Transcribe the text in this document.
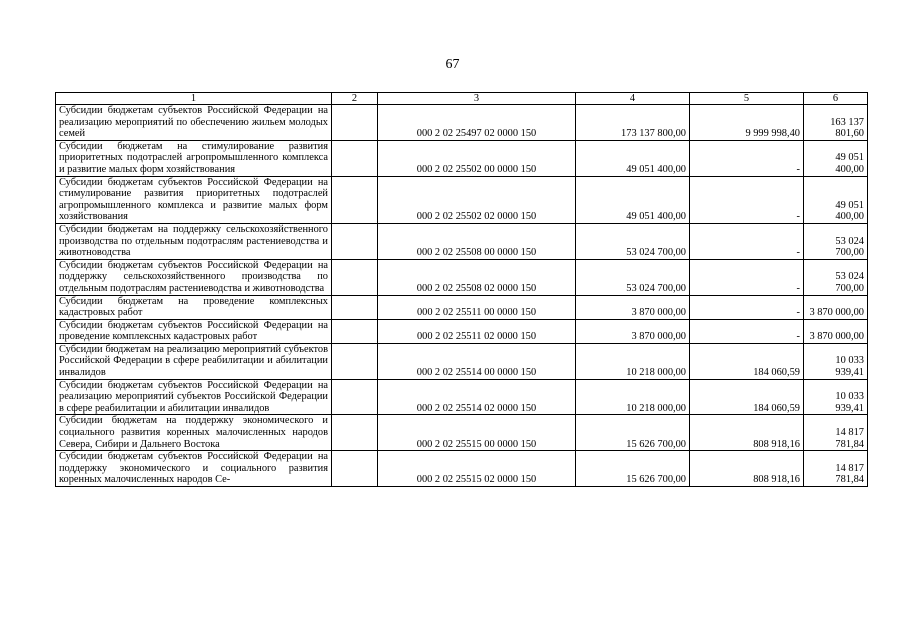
67
1	2	3	4	5	6
Субсидии бюджетам субъектов Российской Федерации на реализацию мероприятий по обеспечению жильем молодых семей		000 2 02 25497 02 0000 150	173 137 800,00	9 999 998,40	163 137 801,60
Субсидии бюджетам на стимулирование развития приоритетных подотраслей агропромышленного комплекса и развитие малых форм хозяйствования		000 2 02 25502 00 0000 150	49 051 400,00	-	49 051 400,00
Субсидии бюджетам субъектов Российской Федерации на стимулирование развития приоритетных подотраслей агропромышленного комплекса и развитие малых форм хозяйствования		000 2 02 25502 02 0000 150	49 051 400,00	-	49 051 400,00
Субсидии бюджетам на поддержку сельскохозяйственного производства по отдельным подотраслям растениеводства и животноводства		000 2 02 25508 00 0000 150	53 024 700,00	-	53 024 700,00
Субсидии бюджетам субъектов Российской Федерации на поддержку сельскохозяйственного производства по отдельным подотраслям растениеводства и животноводства		000 2 02 25508 02 0000 150	53 024 700,00	-	53 024 700,00
Субсидии бюджетам на проведение комплексных кадастровых работ		000 2 02 25511 00 0000 150	3 870 000,00	-	3 870 000,00
Субсидии бюджетам субъектов Российской Федерации на проведение комплексных кадастровых работ		000 2 02 25511 02 0000 150	3 870 000,00	-	3 870 000,00
Субсидии бюджетам на реализацию мероприятий субъектов Российской Федерации в сфере реабилитации и абилитации инвалидов		000 2 02 25514 00 0000 150	10 218 000,00	184 060,59	10 033 939,41
Субсидии бюджетам субъектов Российской Федерации на реализацию мероприятий субъектов Российской Федерации в сфере реабилитации и абилитации инвалидов		000 2 02 25514 02 0000 150	10 218 000,00	184 060,59	10 033 939,41
Субсидии бюджетам на поддержку экономического и социального развития коренных малочисленных народов Севера, Сибири и Дальнего Востока		000 2 02 25515 00 0000 150	15 626 700,00	808 918,16	14 817 781,84
Субсидии бюджетам субъектов Российской Федерации на поддержку экономического и социального развития коренных малочисленных народов Се-		000 2 02 25515 02 0000 150	15 626 700,00	808 918,16	14 817 781,84
